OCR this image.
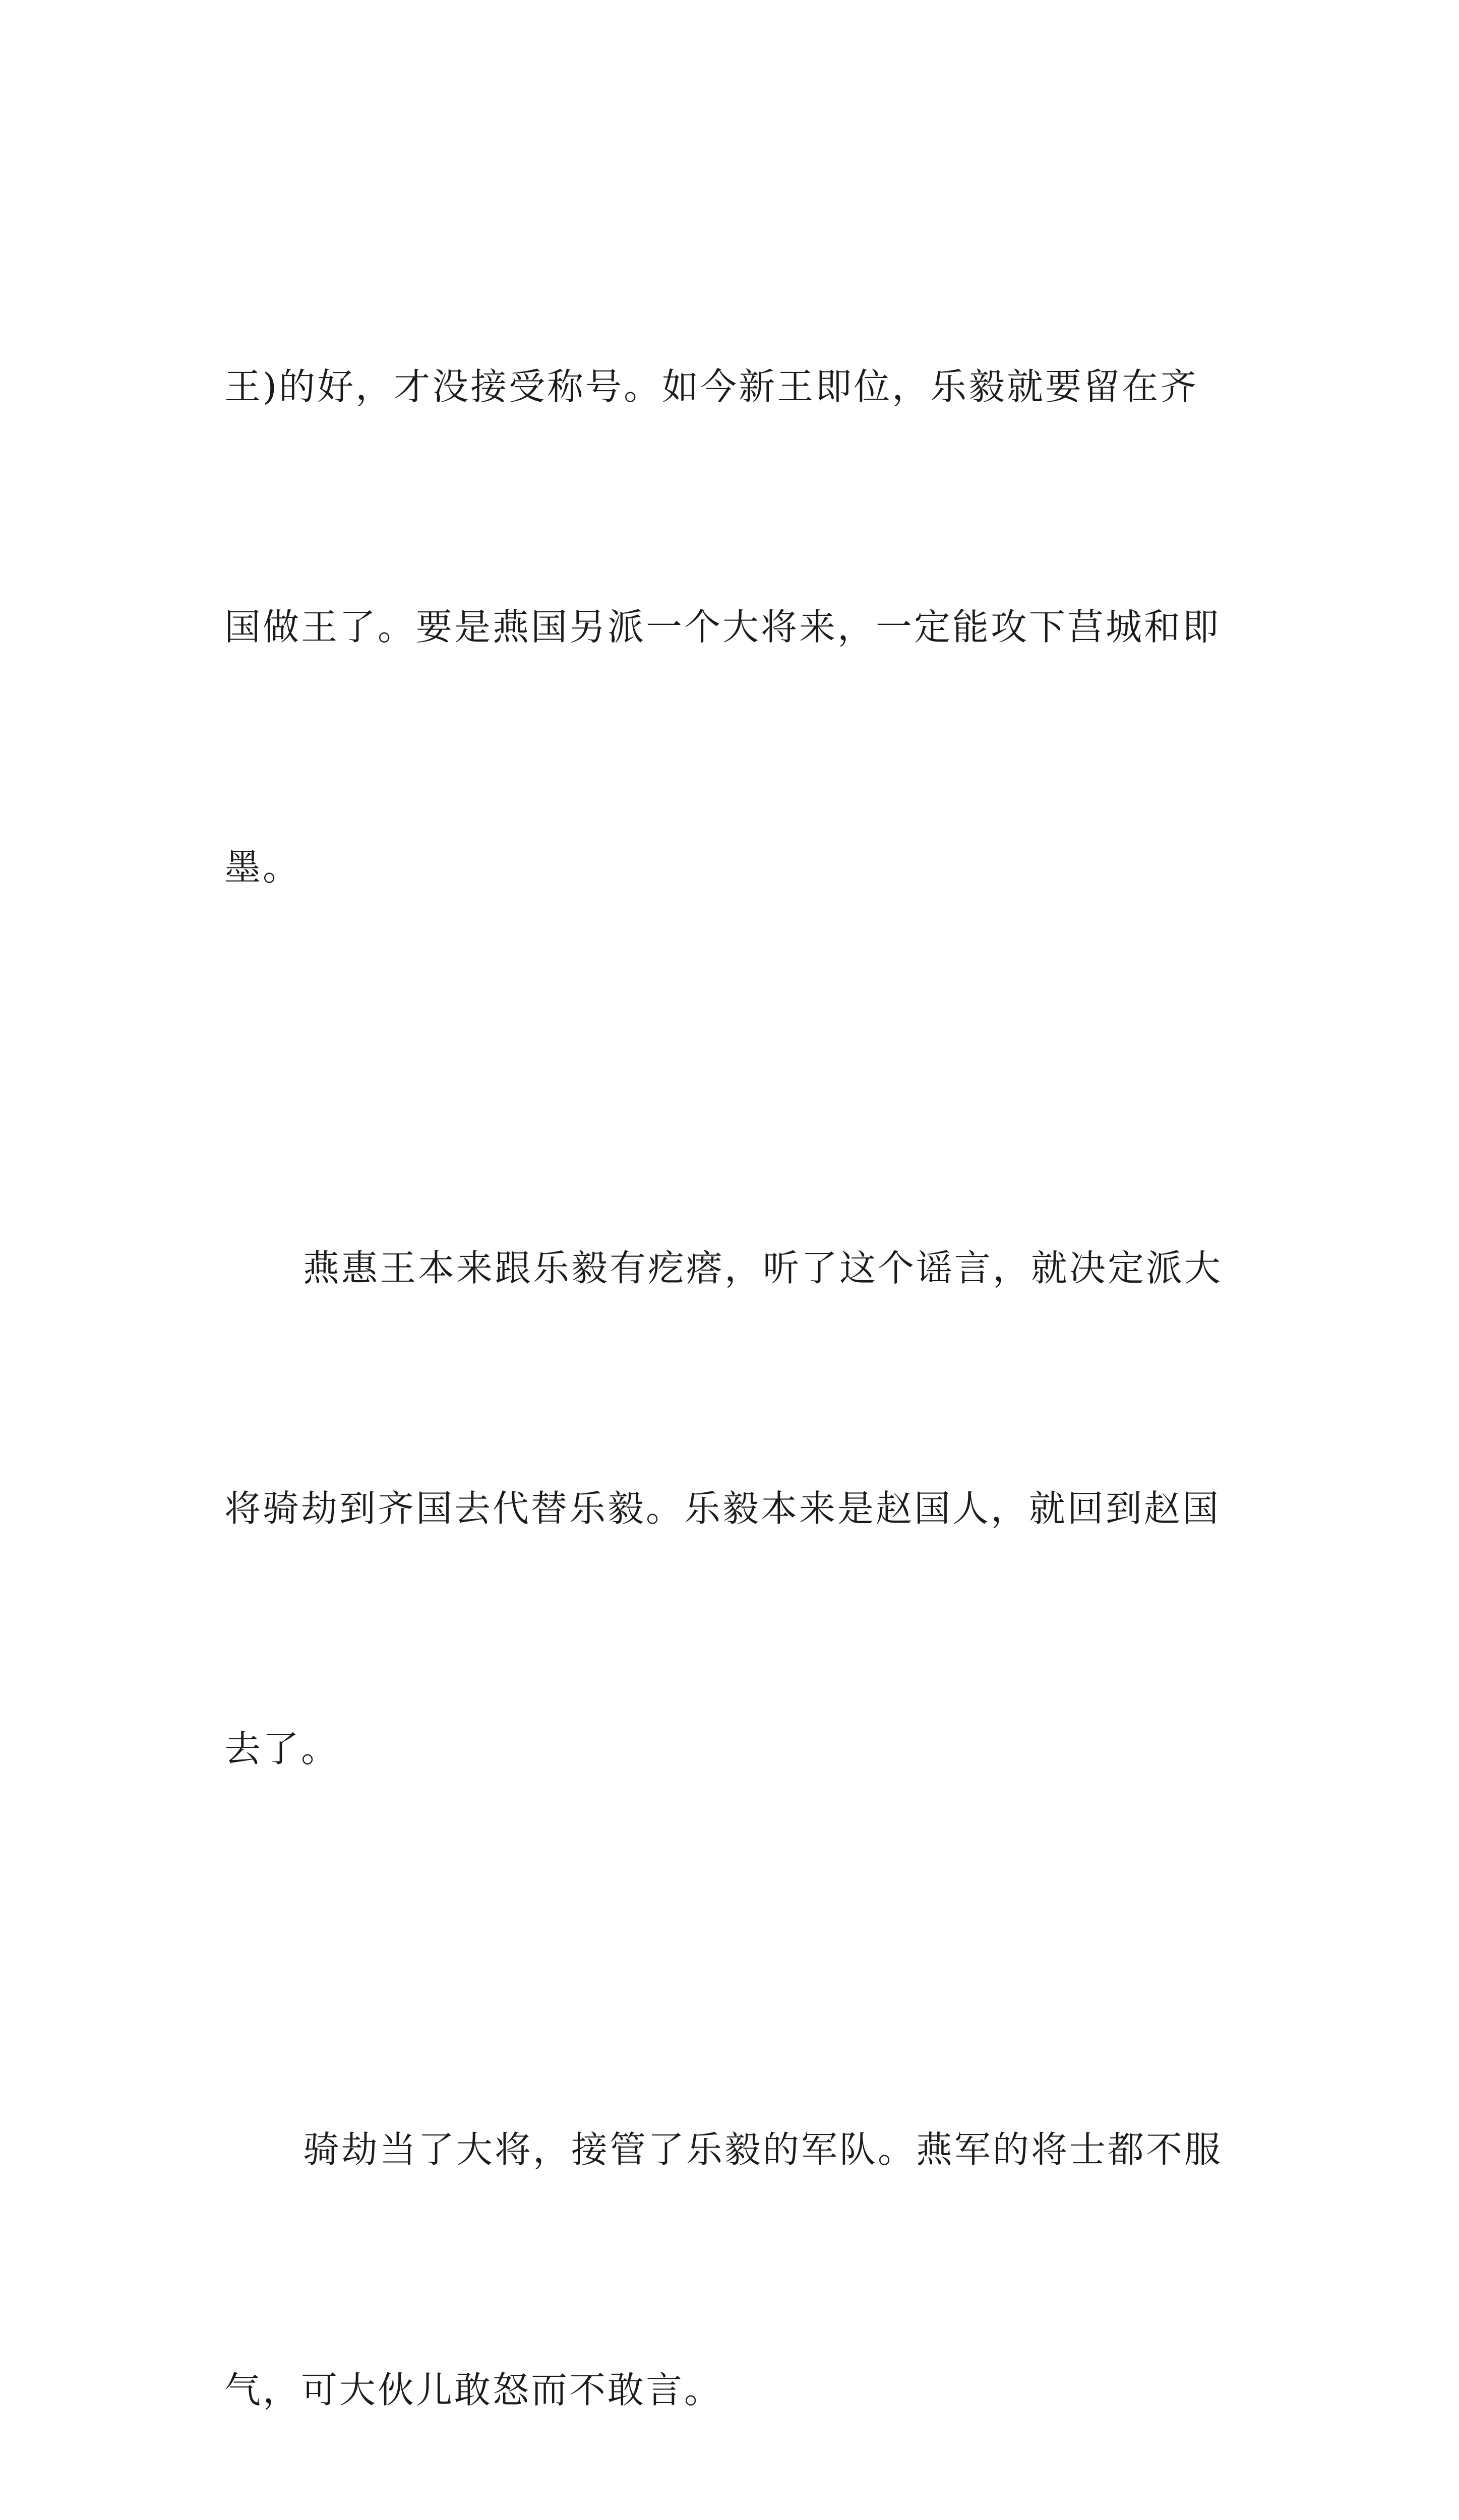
王)的好，才没接受称号。如今新王即位，乐毅就要留在齐

国做王了。要是燕国另派一个大将来，一定能攻下莒城和即

墨。

燕惠王本来跟乐毅有疙瘩，听了这个谣言，就决定派大

将骑劫到齐国去代替乐毅。乐毅本来是赵国人，就回到赵国

去了。

骑劫当了大将，接管了乐毅的军队。燕军的将士都不服

气，可大伙儿敢怒而不敢言。
